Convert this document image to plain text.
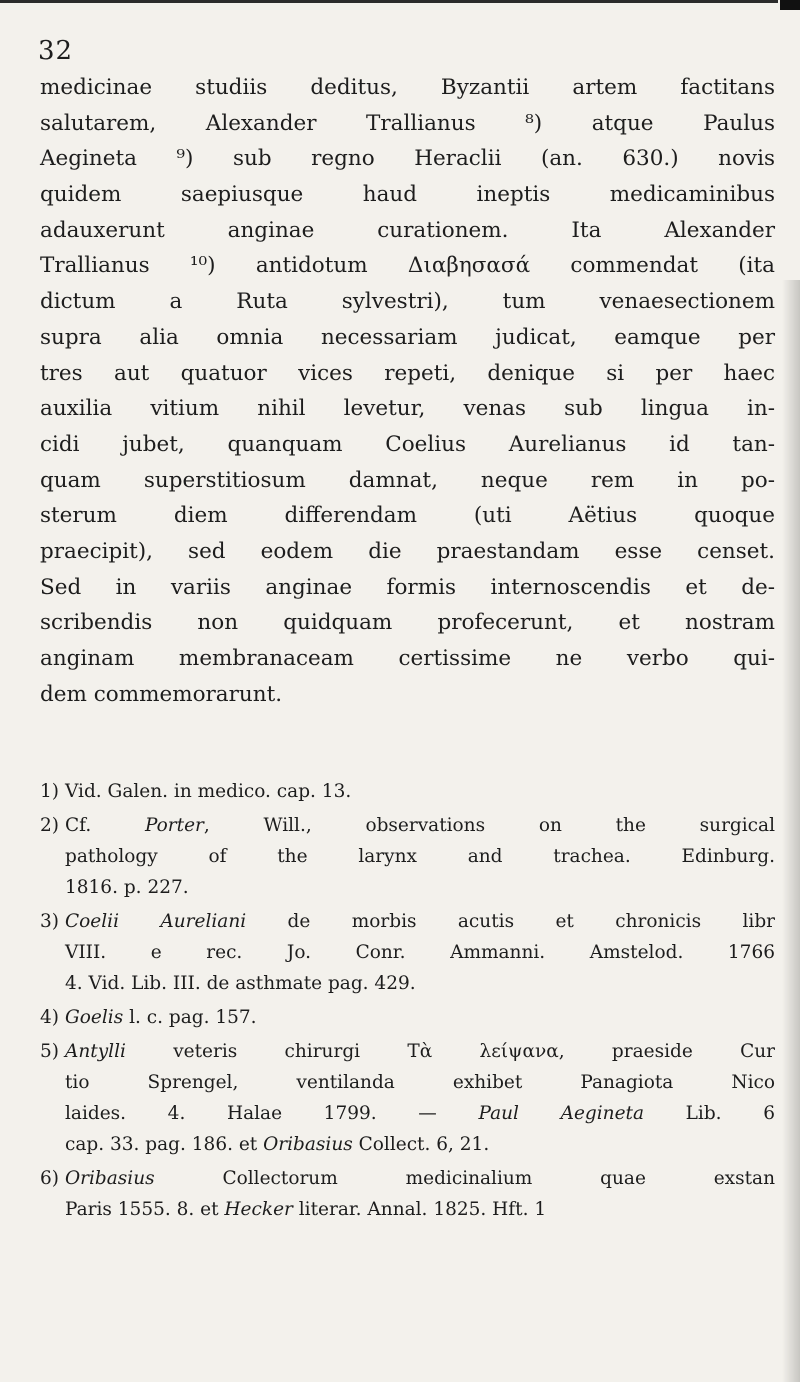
32
medicinae studiis deditus, Byzantii artem factitans
salutarem, Alexander Trallianus ⁸) atque Paulus
Aegineta ⁹) sub regno Heraclii (an. 630.) novis
quidem saepiusque haud ineptis medicaminibus
adauxerunt anginae curationem. Ita Alexander
Trallianus ¹⁰) antidotum Διαβησασά commendat (ita
dictum a Ruta sylvestri), tum venaesectionem
supra alia omnia necessariam judicat, eamque per
tres aut quatuor vices repeti, denique si per haec
auxilia vitium nihil levetur, venas sub lingua in-
cidi jubet, quanquam Coelius Aurelianus id tan-
quam superstitiosum damnat, neque rem in po-
sterum diem differendam (uti Aëtius quoque
praecipit), sed eodem die praestandam esse censet.
Sed in variis anginae formis internoscendis et de-
scribendis non quidquam profecerunt, et nostram
anginam membranaceam certissime ne verbo qui-
dem commemorarunt.
1) Vid. Galen. in medico. cap. 13.
2) Cf. Porter, Will., observations on the surgical
pathology of the larynx and trachea. Edinburg.
1816. p. 227.
3) Coelii Aureliani de morbis acutis et chronicis libr
VIII. e rec. Jo. Conr. Ammanni. Amstelod. 1766
4. Vid. Lib. III. de asthmate pag. 429.
4) Goelis l. c. pag. 157.
5) Antylli veteris chirurgi Τὰ λείψανα, praeside Cur
tio Sprengel, ventilanda exhibet Panagiota Nico
laides. 4. Halae 1799. — Paul Aegineta Lib. 6
cap. 33. pag. 186. et Oribasius Collect. 6, 21.
6) Oribasius Collectorum medicinalium quae exstan
Paris 1555. 8. et Hecker literar. Annal. 1825. Hft. 1
